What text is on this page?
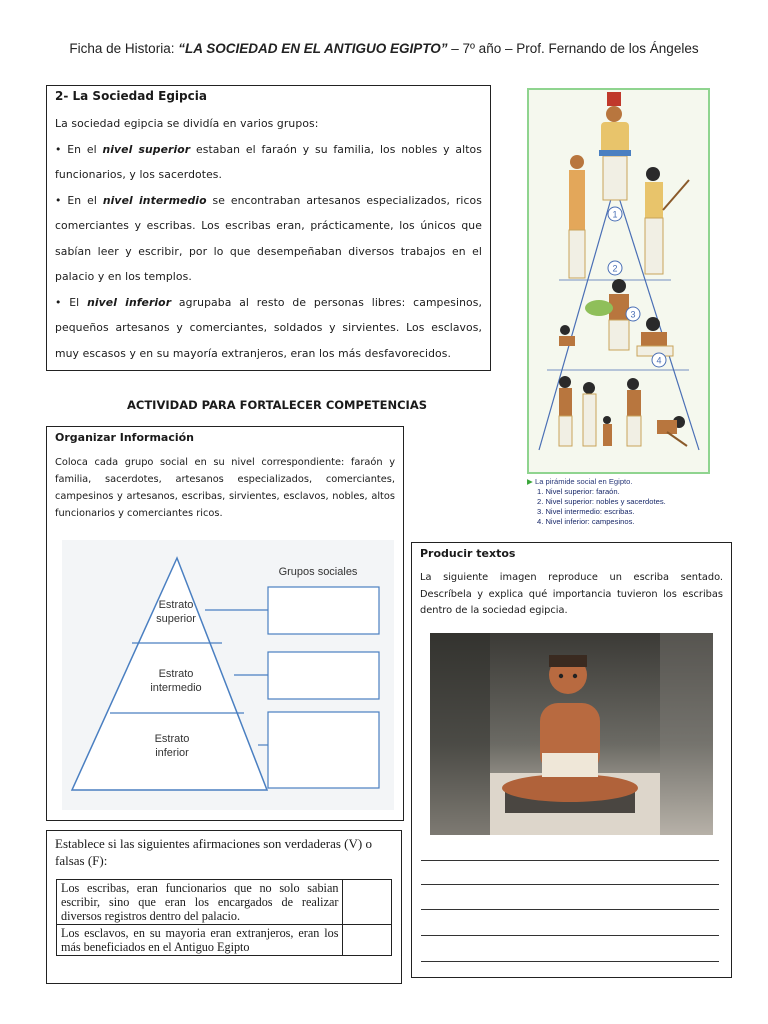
Ficha de Historia: “LA SOCIEDAD EN EL ANTIGUO EGIPTO” – 7º año – Prof. Fernando de los Ángeles
2- La Sociedad Egipcia

La sociedad egipcia se dividía en varios grupos:

• En el nivel superior estaban el faraón y su familia, los nobles y altos funcionarios, y los sacerdotes.

• En el nivel intermedio se encontraban artesanos especializados, ricos comerciantes y escribas. Los escribas eran, prácticamente, los únicos que sabían leer y escribir, por lo que desempeñaban diversos trabajos en el palacio y en los templos.

• El nivel inferior agrupaba al resto de personas libres: campesinos, pequeños artesanos y comerciantes, soldados y sirvientes. Los esclavos, muy escasos y en su mayoría extranjeros, eran los más desfavorecidos.

1
2
3
4
▶ La pirámide social en Egipto.
1. Nivel superior: faraón.
2. Nivel superior: nobles y sacerdotes.
3. Nivel intermedio: escribas.
4. Nivel inferior: campesinos.
ACTIVIDAD PARA FORTALECER COMPETENCIAS
Organizar Información
Coloca cada grupo social en su nivel correspondiente: faraón y familia, sacerdotes, artesanos especializados, comerciantes, campesinos y artesanos, escribas, sirvientes, esclavos, nobles, altos funcionarios y comerciantes ricos.
Estrato
superior
Estrato
intermedio
Estrato
inferior
Grupos sociales
Producir textos
La siguiente imagen reproduce un escriba sentado. Descríbela y explica qué importancia tuvieron los escribas dentro de la sociedad egipcia.
Establece si las siguientes afirmaciones son verdaderas (V) o falsas (F):
Los escribas, eran funcionarios que no solo sabian escribir, sino que eran los encargados de realizar diversos registros dentro del palacio.	
Los esclavos, en su mayoria eran extranjeros, eran los más beneficiados en el Antiguo Egipto	
